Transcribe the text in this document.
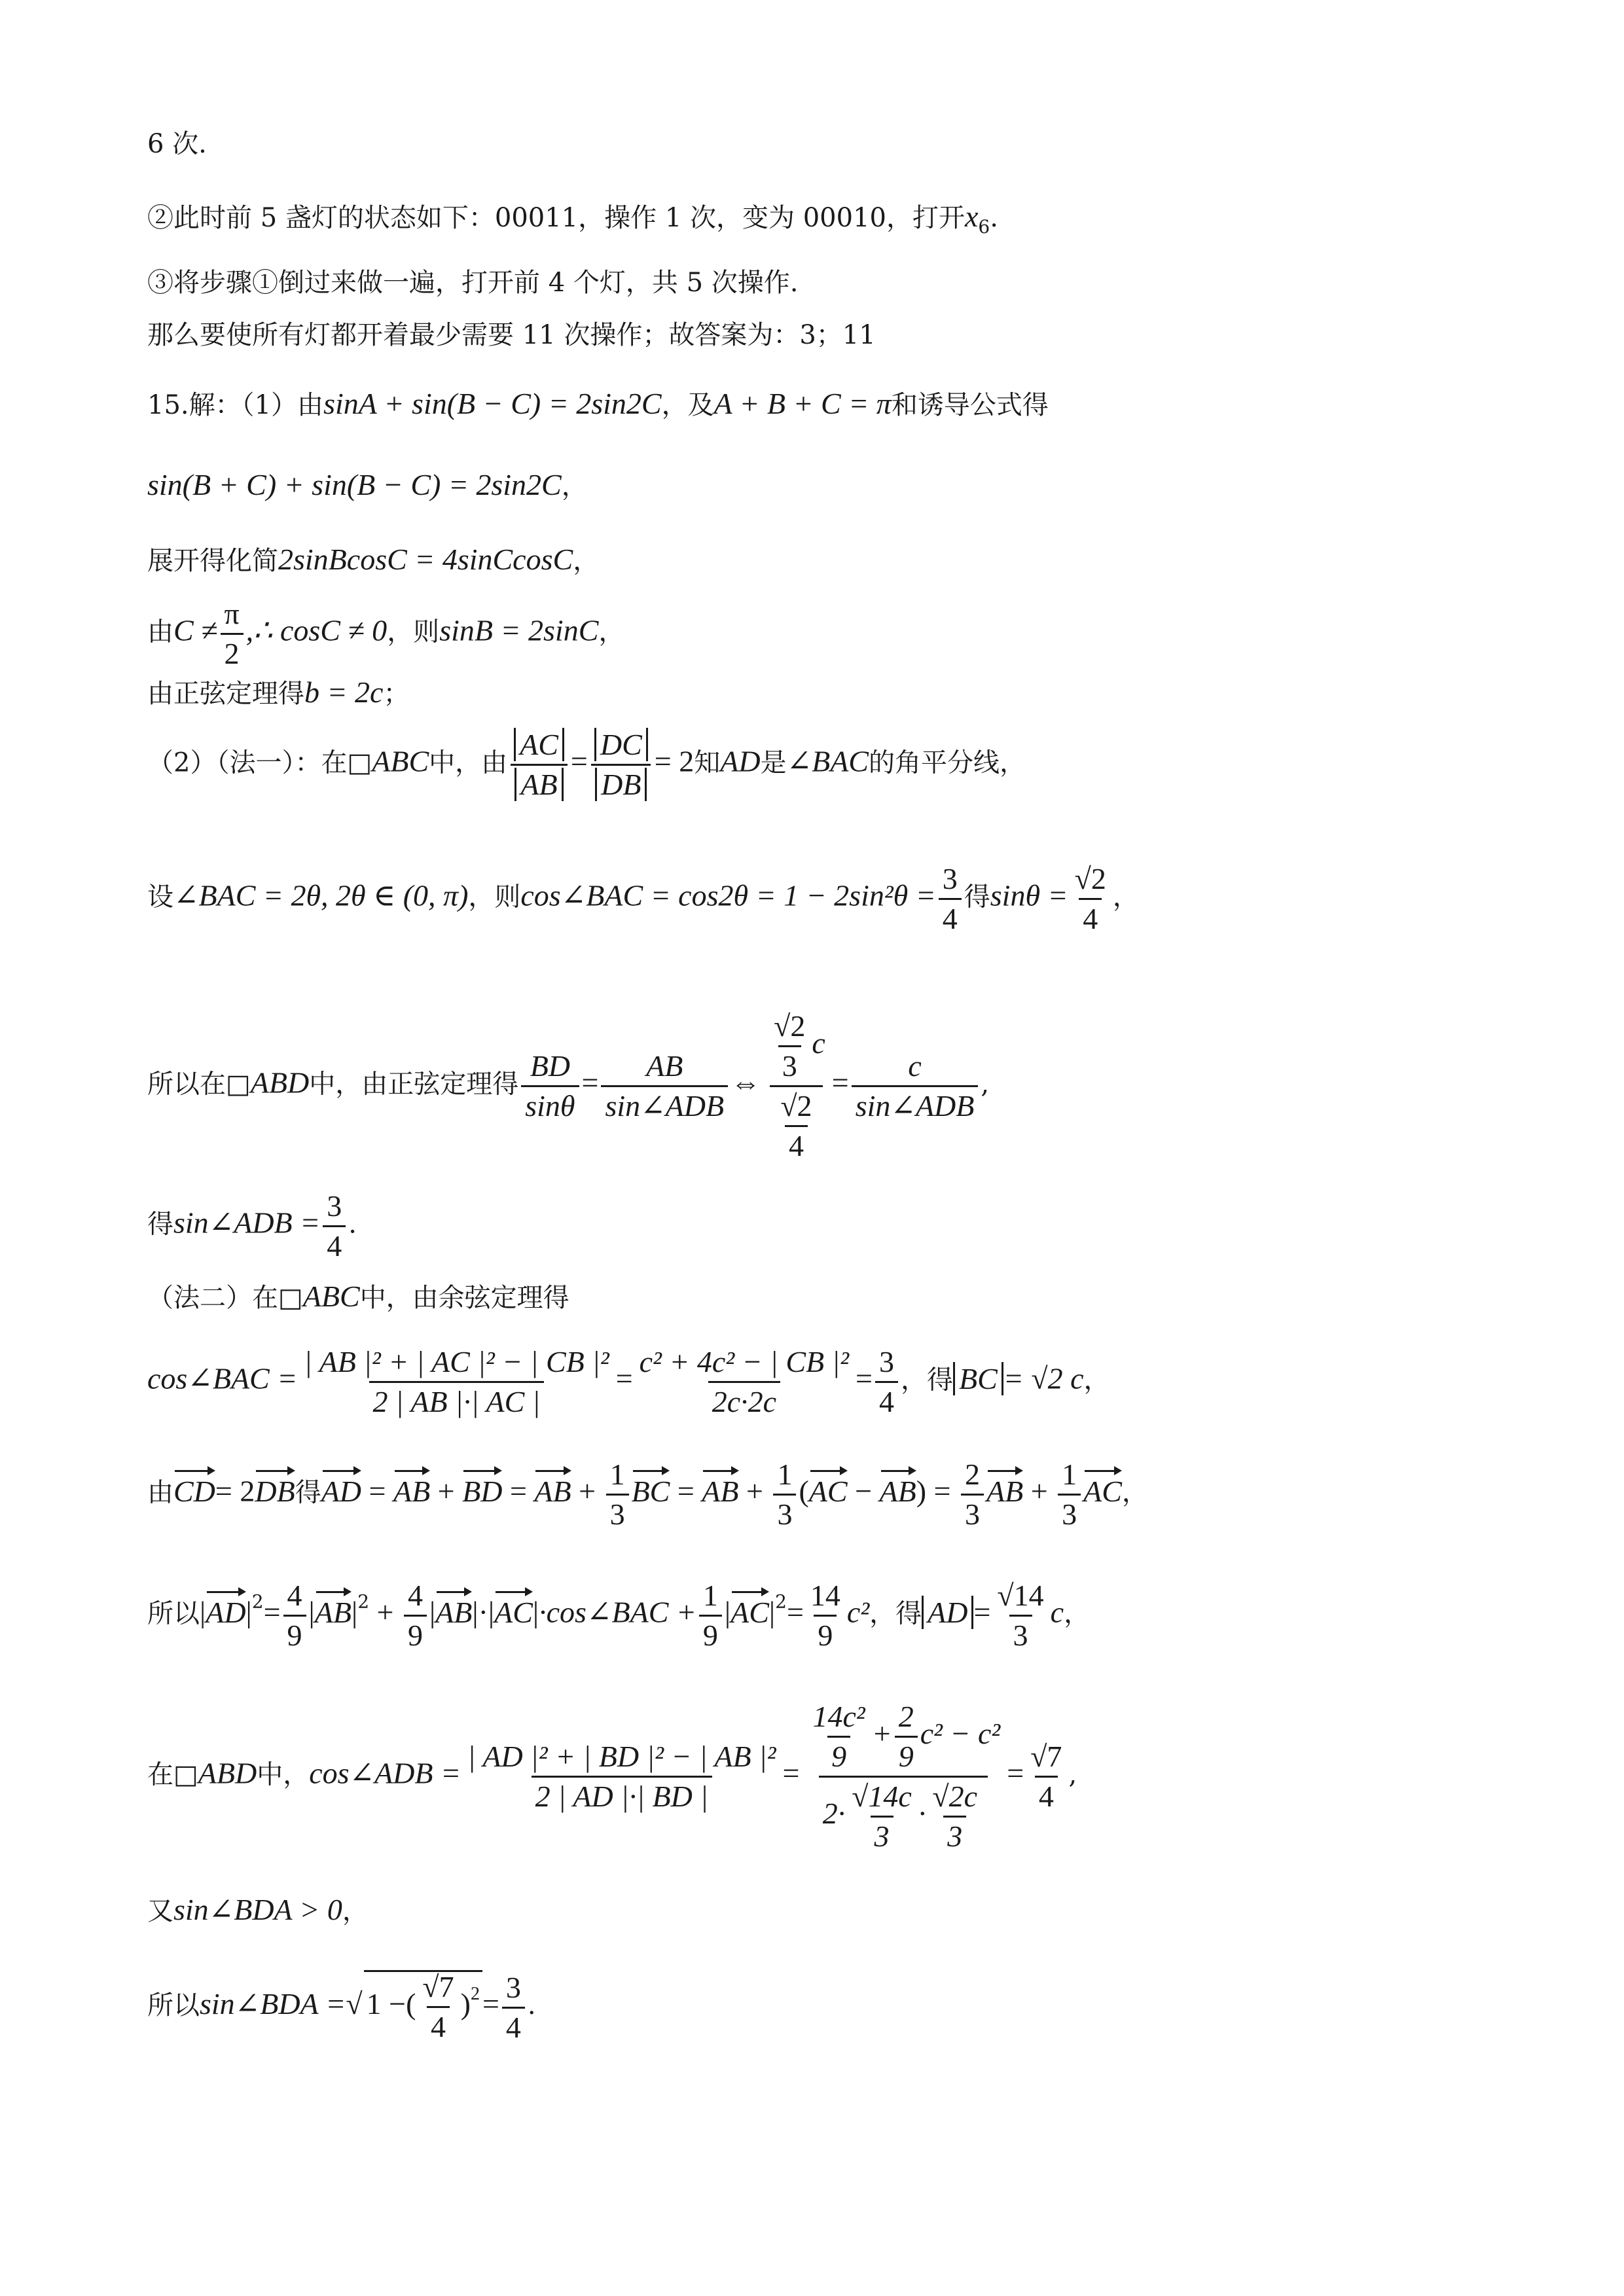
6 次.
②此时前 5 盏灯的状态如下：00011，操作 1 次，变为 00010，打开$x_6$.
③将步骤①倒过来做一遍，打开前 4 个灯，共 5 次操作.
那么要使所有灯都开着最少需要 11 次操作；故答案为：3；11
15.解：（1）由sinA + sin(B − C) = 2sin2C，及A + B + C = π和诱导公式得
sin(B + C) + sin(B − C) = 2sin2C，
展开得化简2sinBcosC = 4sinCcosC，
由$C \ne \frac{\pi}{2}$ ,∴ cosC ≠ 0，则sinB = 2sinC，
由正弦定理得b = 2c；
（2）（法一）：在□ABC中，由 $\frac{AC}{AB} = \frac{DC}{DB} = 2$知AD是∠BAC的角平分线，
设∠BAC = 2θ, 2θ ∈ (0, π)，则cos∠BAC = $\cos 2\theta = 1 - 2\sin^2\theta = \frac{3}{4}$ 得$\sin\theta = \frac{√2}{4}$ ，
所以在□ABD中，由正弦定理得 $\frac{BD}{\sin\theta} = \frac{AB}{\text{sin∠ADB}}$ ⇔ $\frac{\frac{√2}{3} c}{\frac{√2}{4}} = \frac{c}{\text{sin∠ADB}}$ ,
得sin∠ADB = $\frac{3}{4}$ .
（法二）在□ABC中，由余弦定理得
cos∠BAC = $\frac{\text{| AB |² + | AC |² − | CB |²}}{2 | AB |\cdot| AC |} = \frac{\text{c² + 4c² − | CB |²}}{2c\cdot 2c} = \frac{3}{4}$ ，得 BC = √2 c，
由CD= 2DB得AD = AB + BD = AB + $\frac{1}{3}$ BC = AB + $\frac{1}{3} (AC - AB) = \frac{2}{3}$ AB + $\frac{1}{3}$ AC，
所以$|AD|^2= \frac{4}{9} |AB|^2 + \frac{4}{9}$ |AB|·|AC|·cos∠BAC + $\frac{1}{9} |AC|^2= \frac{14}{9} c^2$，得 AD = $\frac{√14}{3}$ c，
在□ABD中，cos∠ADB = $\frac{\text{| AD |² + | BD |² − | AB |²}}{2 | AD |\cdot| BD |} = \frac{\frac{\text{14c²}}{9} + \frac{2}{9} c^2 - c^2}{2\cdot \frac{√14c}{3} \cdot \frac{√2c}{3}} = \frac{√7}{4}$ ,
又sin∠BDA > 0，
所以sin∠BDA =√ 1 −( $\frac{√7}{4} )^2= \frac{3}{4}$ .
